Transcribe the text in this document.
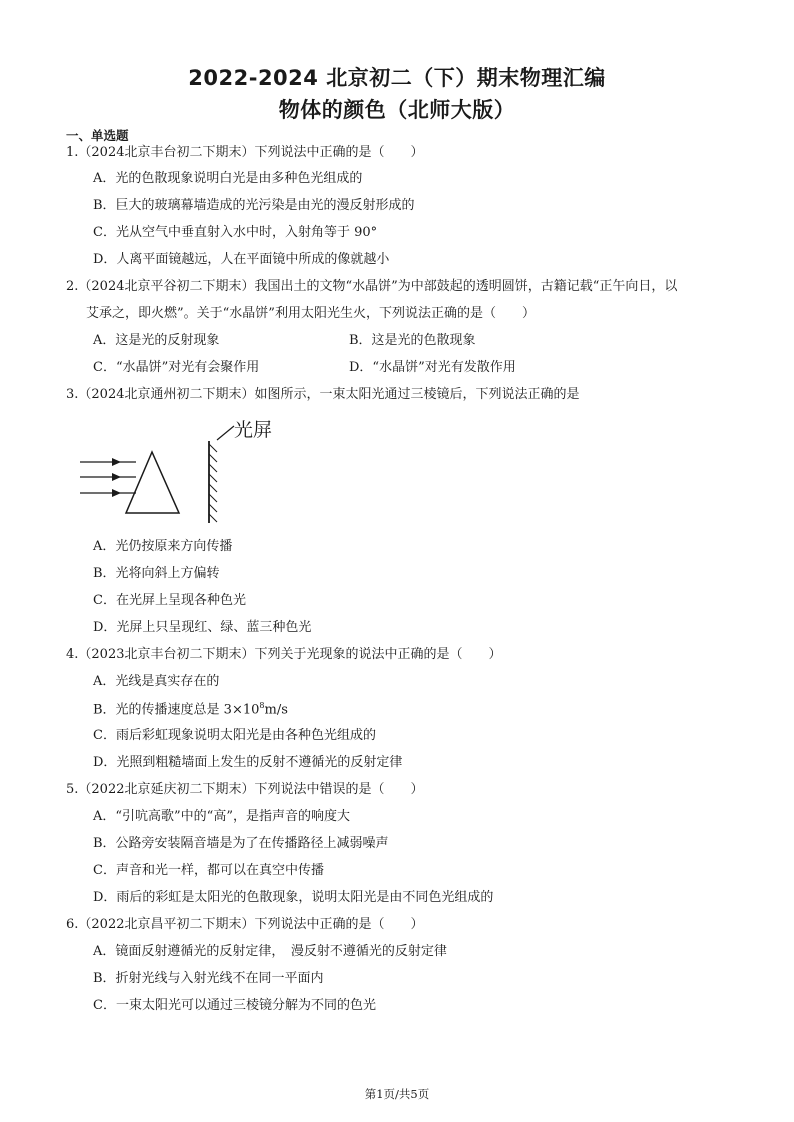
2022-2024 北京初二（下）期末物理汇编
物体的颜色（北师大版）
一、单选题
1.（2024北京丰台初二下期末）下列说法中正确的是（　　）
A．光的色散现象说明白光是由多种色光组成的
B．巨大的玻璃幕墙造成的光污染是由光的漫反射形成的
C．光从空气中垂直射入水中时，入射角等于 90°
D．人离平面镜越远，人在平面镜中所成的像就越小
2.（2024北京平谷初二下期末）我国出土的文物“水晶饼”为中部鼓起的透明圆饼，古籍记载“正午向日，以
艾承之，即火燃”。关于“水晶饼”利用太阳光生火，下列说法正确的是（　　）
A．这是光的反射现象	B．这是光的色散现象
C．“水晶饼”对光有会聚作用	D．“水晶饼”对光有发散作用
3.（2024北京通州初二下期末）如图所示，一束太阳光通过三棱镜后，下列说法正确的是
光屏
A．光仍按原来方向传播
B．光将向斜上方偏转
C．在光屏上呈现各种色光
D．光屏上只呈现红、绿、蓝三种色光
4.（2023北京丰台初二下期末）下列关于光现象的说法中正确的是（　　）
A．光线是真实存在的
B．光的传播速度总是 $3\times 10^8m/s$
C．雨后彩虹现象说明太阳光是由各种色光组成的
D．光照到粗糙墙面上发生的反射不遵循光的反射定律
5.（2022北京延庆初二下期末）下列说法中错误的是（　　）
A．“引吭高歌”中的“高”，是指声音的响度大
B．公路旁安装隔音墙是为了在传播路径上减弱噪声
C．声音和光一样，都可以在真空中传播
D．雨后的彩虹是太阳光的色散现象，说明太阳光是由不同色光组成的
6.（2022北京昌平初二下期末）下列说法中正确的是（　　）
A．镜面反射遵循光的反射定律，　漫反射不遵循光的反射定律
B．折射光线与入射光线不在同一平面内
C．一束太阳光可以通过三棱镜分解为不同的色光
第1页/共5页
